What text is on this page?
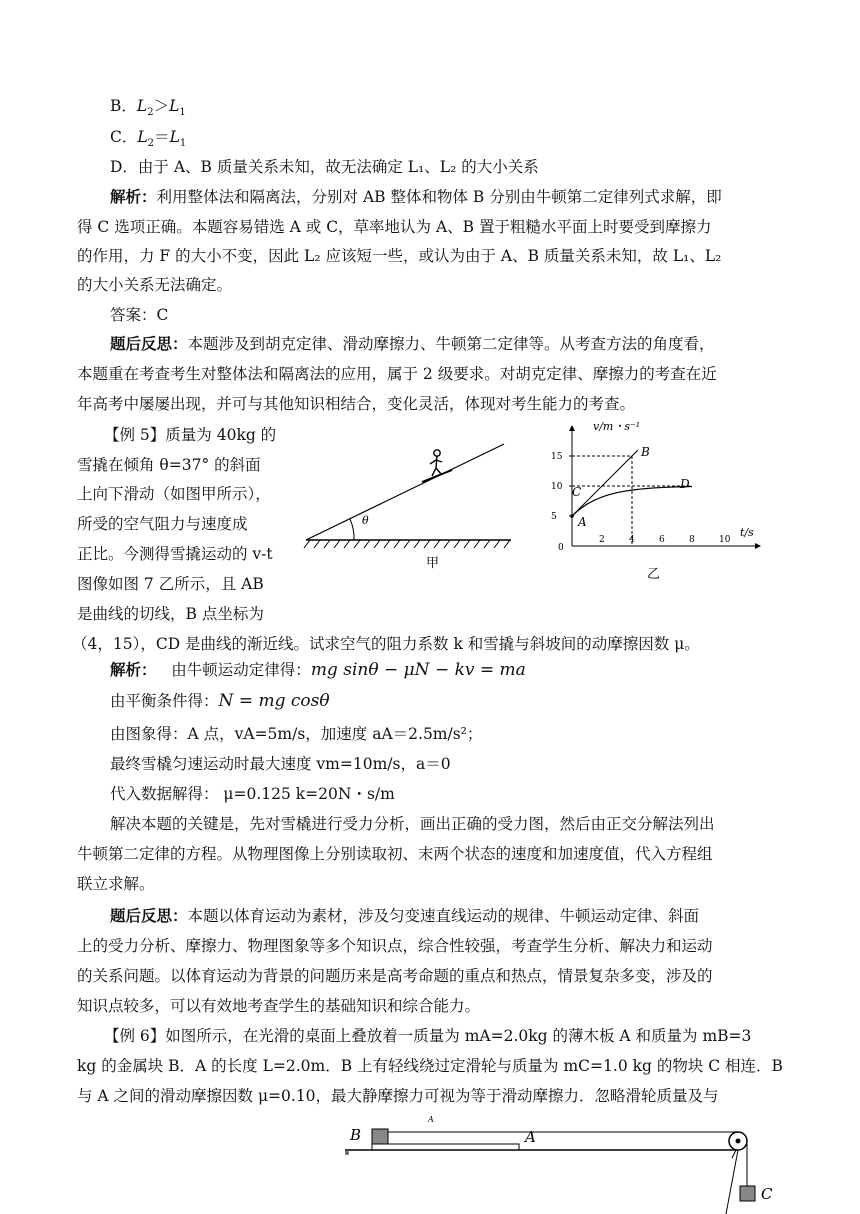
B．$L_2>L_1$
C．$L_2=L_1$
D．由于 A、B 质量关系未知，故无法确定 L₁、L₂ 的大小关系
解析：利用整体法和隔离法，分别对 AB 整体和物体 B 分别由牛顿第二定律列式求解，即
得 C 选项正确。本题容易错选 A 或 C，草率地认为 A、B 置于粗糙水平面上时要受到摩擦力
的作用，力 F 的大小不变，因此 L₂ 应该短一些，或认为由于 A、B 质量关系未知，故 L₁、L₂
的大小关系无法确定。
答案：C
题后反思：本题涉及到胡克定律、滑动摩擦力、牛顿第二定律等。从考查方法的角度看，
本题重在考查考生对整体法和隔离法的应用，属于 2 级要求。对胡克定律、摩擦力的考查在近
年高考中屡屡出现，并可与其他知识相结合，变化灵活，体现对考生能力的考查。
【例 5】质量为 40kg 的
雪撬在倾角 θ=37° 的斜面
上向下滑动（如图甲所示），
所受的空气阻力与速度成
正比。今测得雪撬运动的 v-t
图像如图 7 乙所示，且 AB
是曲线的切线，B 点坐标为
（4，15），CD 是曲线的渐近线。试求空气的阻力系数 k 和雪撬与斜坡间的动摩擦因数 μ。
θ
甲
v/m・s⁻¹
t/s
0
5
10
15
2	4	6	8	10
A
B
C
D
乙
解析： 由牛顿运动定律得：mg sinθ − μN − kv = ma
由平衡条件得：N = mg cosθ
由图象得：A 点，vA=5m/s，加速度 aA＝2.5m/s²；
最终雪橇匀速运动时最大速度 vm=10m/s，a＝0
代入数据解得： μ=0.125 k=20N・s/m
解决本题的关键是，先对雪橇进行受力分析，画出正确的受力图，然后由正交分解法列出
牛顿第二定律的方程。从物理图像上分别读取初、末两个状态的速度和加速度值，代入方程组
联立求解。
题后反思：本题以体育运动为素材，涉及匀变速直线运动的规律、牛顿运动定律、斜面
上的受力分析、摩擦力、物理图象等多个知识点，综合性较强，考查学生分析、解决力和运动
的关系问题。以体育运动为背景的问题历来是高考命题的重点和热点，情景复杂多变，涉及的
知识点较多，可以有效地考查学生的基础知识和综合能力。
【例 6】如图所示，在光滑的桌面上叠放着一质量为 mA=2.0kg 的薄木板 A 和质量为 mB=3
kg 的金属块 B．A 的长度 L=2.0m．B 上有轻线绕过定滑轮与质量为 mC=1.0 kg 的物块 C 相连．B
与 A 之间的滑动摩擦因数 μ=0.10，最大静摩擦力可视为等于滑动摩擦力．忽略滑轮质量及与
A
B	A
C
